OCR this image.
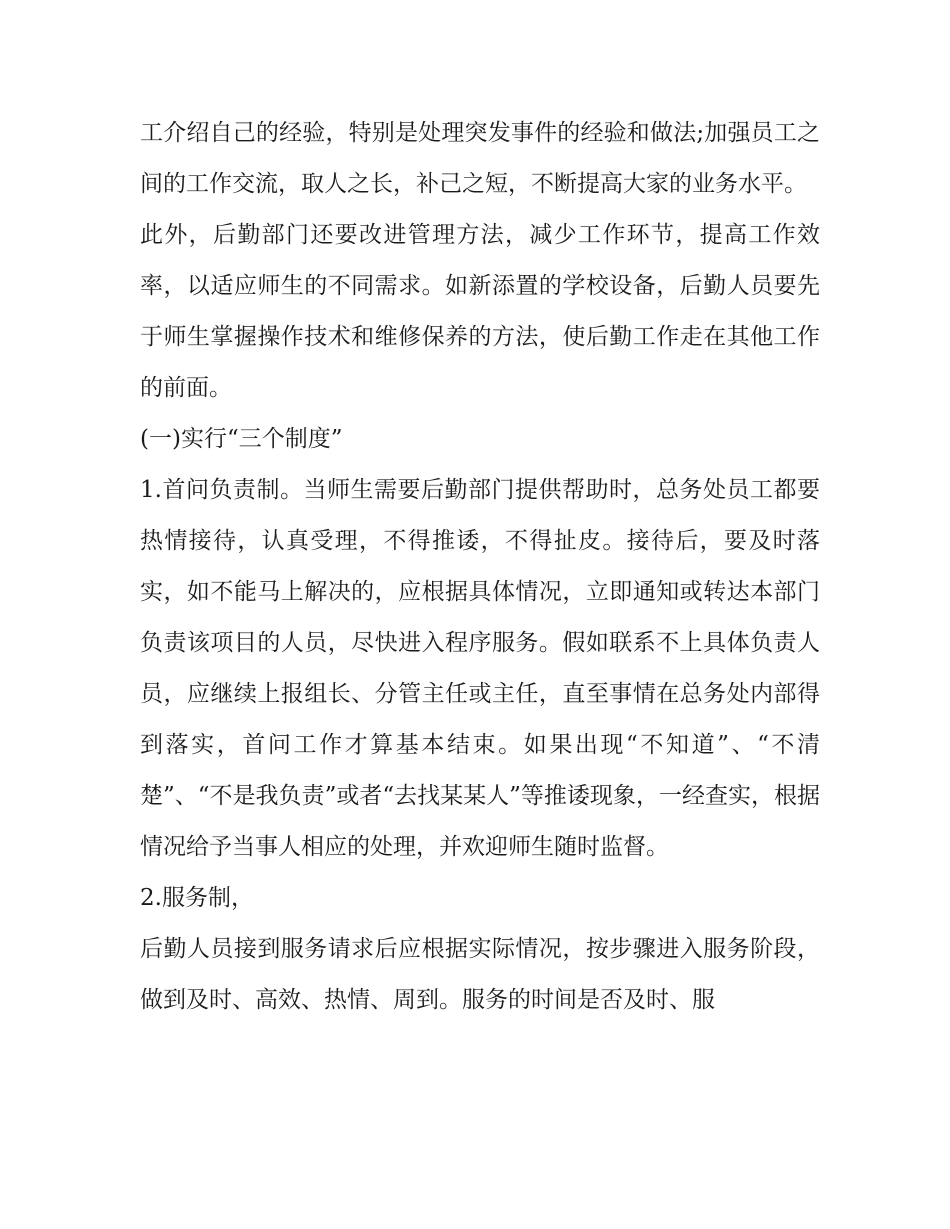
工介绍自己的经验，特别是处理突发事件的经验和做法;加强员工之间的工作交流，取人之长，补己之短，不断提高大家的业务水平。

此外，后勤部门还要改进管理方法，减少工作环节，提高工作效率，以适应师生的不同需求。如新添置的学校设备，后勤人员要先于师生掌握操作技术和维修保养的方法，使后勤工作走在其他工作的前面。

(一)实行“三个制度”

1.首问负责制。当师生需要后勤部门提供帮助时，总务处员工都要热情接待，认真受理，不得推诿，不得扯皮。接待后，要及时落实，如不能马上解决的，应根据具体情况，立即通知或转达本部门负责该项目的人员，尽快进入程序服务。假如联系不上具体负责人员，应继续上报组长、分管主任或主任，直至事情在总务处内部得到落实，首问工作才算基本结束。如果出现“不知道”、“不清楚”、“不是我负责”或者“去找某某人”等推诿现象，一经查实，根据情况给予当事人相应的处理，并欢迎师生随时监督。

2.服务制，

后勤人员接到服务请求后应根据实际情况，按步骤进入服务阶段，做到及时、高效、热情、周到。服务的时间是否及时、服
